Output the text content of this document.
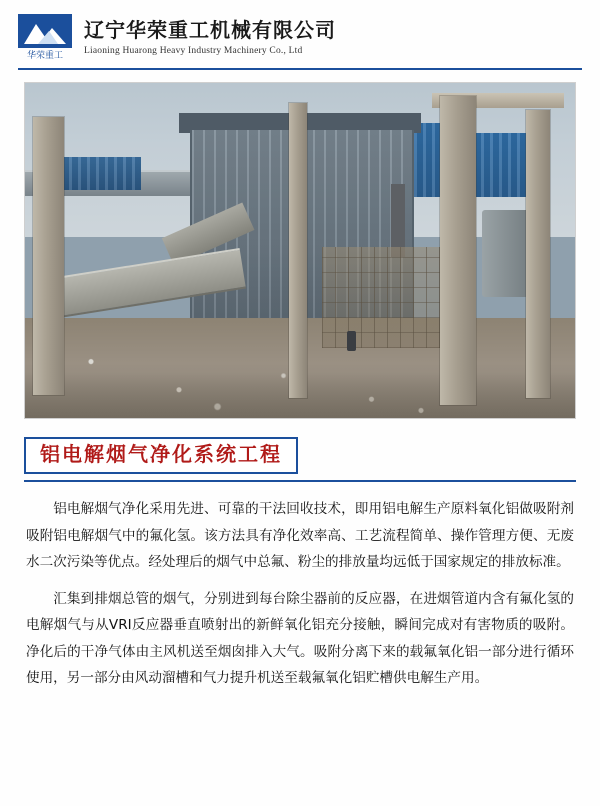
华荣重工
辽宁华荣重工机械有限公司
Liaoning Huarong Heavy Industry Machinery Co., Ltd
铝电解烟气净化系统工程

铝电解烟气净化采用先进、可靠的干法回收技术，即用铝电解生产原料氧化铝做吸附剂吸附铝电解烟气中的氟化氢。该方法具有净化效率高、工艺流程简单、操作管理方便、无废水二次污染等优点。经处理后的烟气中总氟、粉尘的排放量均远低于国家规定的排放标准。

汇集到排烟总管的烟气，分别进到每台除尘器前的反应器，在进烟管道内含有氟化氢的电解烟气与从VRI反应器垂直喷射出的新鲜氧化铝充分接触，瞬间完成对有害物质的吸附。净化后的干净气体由主风机送至烟囱排入大气。吸附分离下来的载氟氧化铝一部分进行循环使用，另一部分由风动溜槽和气力提升机送至载氟氧化铝贮槽供电解生产用。
